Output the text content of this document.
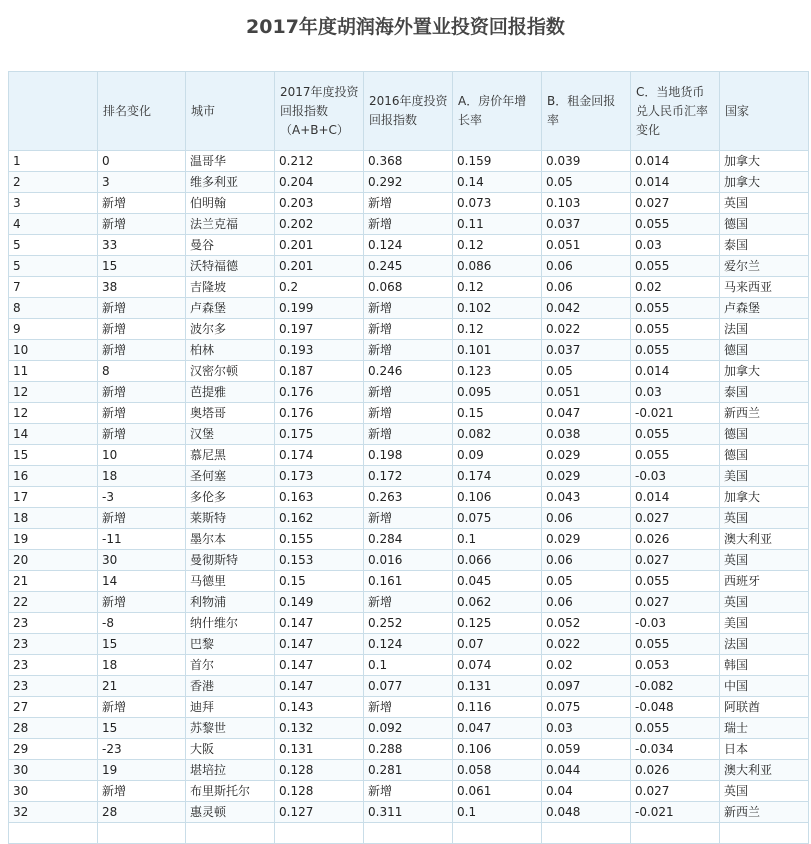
2017年度胡润海外置业投资回报指数
	排名变化	城市	2017年度投资回报指数（A+B+C）	2016年度投资回报指数	A．房价年增长率	B．租金回报率	C．当地货币兑人民币汇率变化	国家
1	0	温哥华	0.212	0.368	0.159	0.039	0.014	加拿大
2	3	维多利亚	0.204	0.292	0.14	0.05	0.014	加拿大
3	新增	伯明翰	0.203	新增	0.073	0.103	0.027	英国
4	新增	法兰克福	0.202	新增	0.11	0.037	0.055	德国
5	33	曼谷	0.201	0.124	0.12	0.051	0.03	泰国
5	15	沃特福德	0.201	0.245	0.086	0.06	0.055	爱尔兰
7	38	吉隆坡	0.2	0.068	0.12	0.06	0.02	马来西亚
8	新增	卢森堡	0.199	新增	0.102	0.042	0.055	卢森堡
9	新增	波尔多	0.197	新增	0.12	0.022	0.055	法国
10	新增	柏林	0.193	新增	0.101	0.037	0.055	德国
11	8	汉密尔顿	0.187	0.246	0.123	0.05	0.014	加拿大
12	新增	芭提雅	0.176	新增	0.095	0.051	0.03	泰国
12	新增	奥塔哥	0.176	新增	0.15	0.047	-0.021	新西兰
14	新增	汉堡	0.175	新增	0.082	0.038	0.055	德国
15	10	慕尼黑	0.174	0.198	0.09	0.029	0.055	德国
16	18	圣何塞	0.173	0.172	0.174	0.029	-0.03	美国
17	-3	多伦多	0.163	0.263	0.106	0.043	0.014	加拿大
18	新增	莱斯特	0.162	新增	0.075	0.06	0.027	英国
19	-11	墨尔本	0.155	0.284	0.1	0.029	0.026	澳大利亚
20	30	曼彻斯特	0.153	0.016	0.066	0.06	0.027	英国
21	14	马德里	0.15	0.161	0.045	0.05	0.055	西班牙
22	新增	利物浦	0.149	新增	0.062	0.06	0.027	英国
23	-8	纳什维尔	0.147	0.252	0.125	0.052	-0.03	美国
23	15	巴黎	0.147	0.124	0.07	0.022	0.055	法国
23	18	首尔	0.147	0.1	0.074	0.02	0.053	韩国
23	21	香港	0.147	0.077	0.131	0.097	-0.082	中国
27	新增	迪拜	0.143	新增	0.116	0.075	-0.048	阿联酋
28	15	苏黎世	0.132	0.092	0.047	0.03	0.055	瑞士
29	-23	大阪	0.131	0.288	0.106	0.059	-0.034	日本
30	19	堪培拉	0.128	0.281	0.058	0.044	0.026	澳大利亚
30	新增	布里斯托尔	0.128	新增	0.061	0.04	0.027	英国
32	28	惠灵顿	0.127	0.311	0.1	0.048	-0.021	新西兰
